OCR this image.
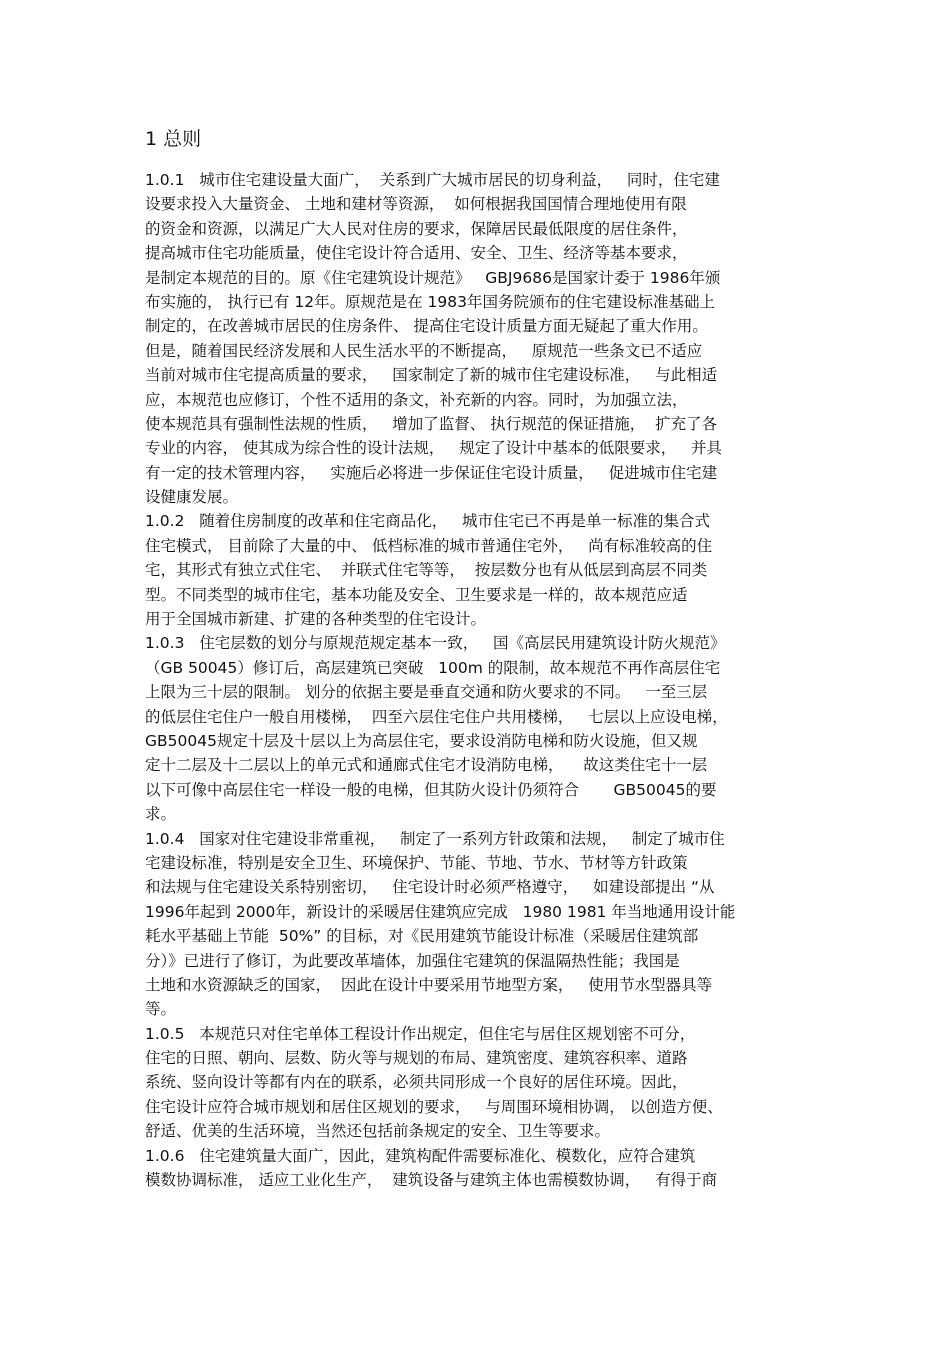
1 总则
1.0.1   城市住宅建设量大面广，  关系到广大城市居民的切身利益，   同时，住宅建
设要求投入大量资金、 土地和建材等资源，  如何根据我国国情合理地使用有限
的资金和资源，以满足广大人民对住房的要求，保障居民最低限度的居住条件，
提高城市住宅功能质量，使住宅设计符合适用、安全、卫生、经济等基本要求，
是制定本规范的目的。原《住宅建筑设计规范》   GBJ9686是国家计委于 1986年颁
布实施的， 执行已有 12年。原规范是在 1983年国务院颁布的住宅建设标准基础上
制定的，在改善城市居民的住房条件、 提高住宅设计质量方面无疑起了重大作用。
但是，随着国民经济发展和人民生活水平的不断提高，   原规范一些条文已不适应
当前对城市住宅提高质量的要求，   国家制定了新的城市住宅建设标准，   与此相适
应，本规范也应修订，个性不适用的条文，补充新的内容。同时，为加强立法，
使本规范具有强制性法规的性质，   增加了监督、 执行规范的保证措施，  扩充了各
专业的内容， 使其成为综合性的设计法规，   规定了设计中基本的低限要求，   并具
有一定的技术管理内容，   实施后必将进一步保证住宅设计质量，   促进城市住宅建
设健康发展。
1.0.2   随着住房制度的改革和住宅商品化，   城市住宅已不再是单一标准的集合式
住宅模式， 目前除了大量的中、 低档标准的城市普通住宅外，   尚有标准较高的住
宅，其形式有独立式住宅、  并联式住宅等等，  按层数分也有从低层到高层不同类
型。不同类型的城市住宅，基本功能及安全、卫生要求是一样的，故本规范应适
用于全国城市新建、扩建的各种类型的住宅设计。
1.0.3   住宅层数的划分与原规范规定基本一致，   国《高层民用建筑设计防火规范》
（GB 50045）修订后，高层建筑已突破   100m 的限制，故本规范不再作高层住宅
上限为三十层的限制。 划分的依据主要是垂直交通和防火要求的不同。   一至三层
的低层住宅住户一般自用楼梯，  四至六层住宅住户共用楼梯，   七层以上应设电梯，
GB50045规定十层及十层以上为高层住宅，要求设消防电梯和防火设施，但又规
定十二层及十二层以上的单元式和通廊式住宅才设消防电梯，    故这类住宅十一层
以下可像中高层住宅一样设一般的电梯，但其防火设计仍须符合       GB50045的要
求。
1.0.4   国家对住宅建设非常重视，   制定了一系列方针政策和法规，   制定了城市住
宅建设标准，特别是安全卫生、环境保护、节能、节地、节水、节材等方针政策
和法规与住宅建设关系特别密切，   住宅设计时必须严格遵守，   如建设部提出 “从
1996年起到 2000年，新设计的采暖居住建筑应完成   1980 1981 年当地通用设计能
耗水平基础上节能  50%” 的目标，对《民用建筑节能设计标准（采暖居住建筑部
分）》已进行了修订，为此要改革墙体，加强住宅建筑的保温隔热性能；我国是
土地和水资源缺乏的国家，  因此在设计中要采用节地型方案，   使用节水型器具等
等。
1.0.5   本规范只对住宅单体工程设计作出规定，但住宅与居住区规划密不可分，
住宅的日照、朝向、层数、防火等与规划的布局、建筑密度、建筑容积率、道路
系统、竖向设计等都有内在的联系，必须共同形成一个良好的居住环境。因此，
住宅设计应符合城市规划和居住区规划的要求，   与周围环境相协调， 以创造方便、
舒适、优美的生活环境，当然还包括前条规定的安全、卫生等要求。
1.0.6   住宅建筑量大面广，因此，建筑构配件需要标准化、模数化，应符合建筑
模数协调标准， 适应工业化生产，  建筑设备与建筑主体也需模数协调，   有得于商
